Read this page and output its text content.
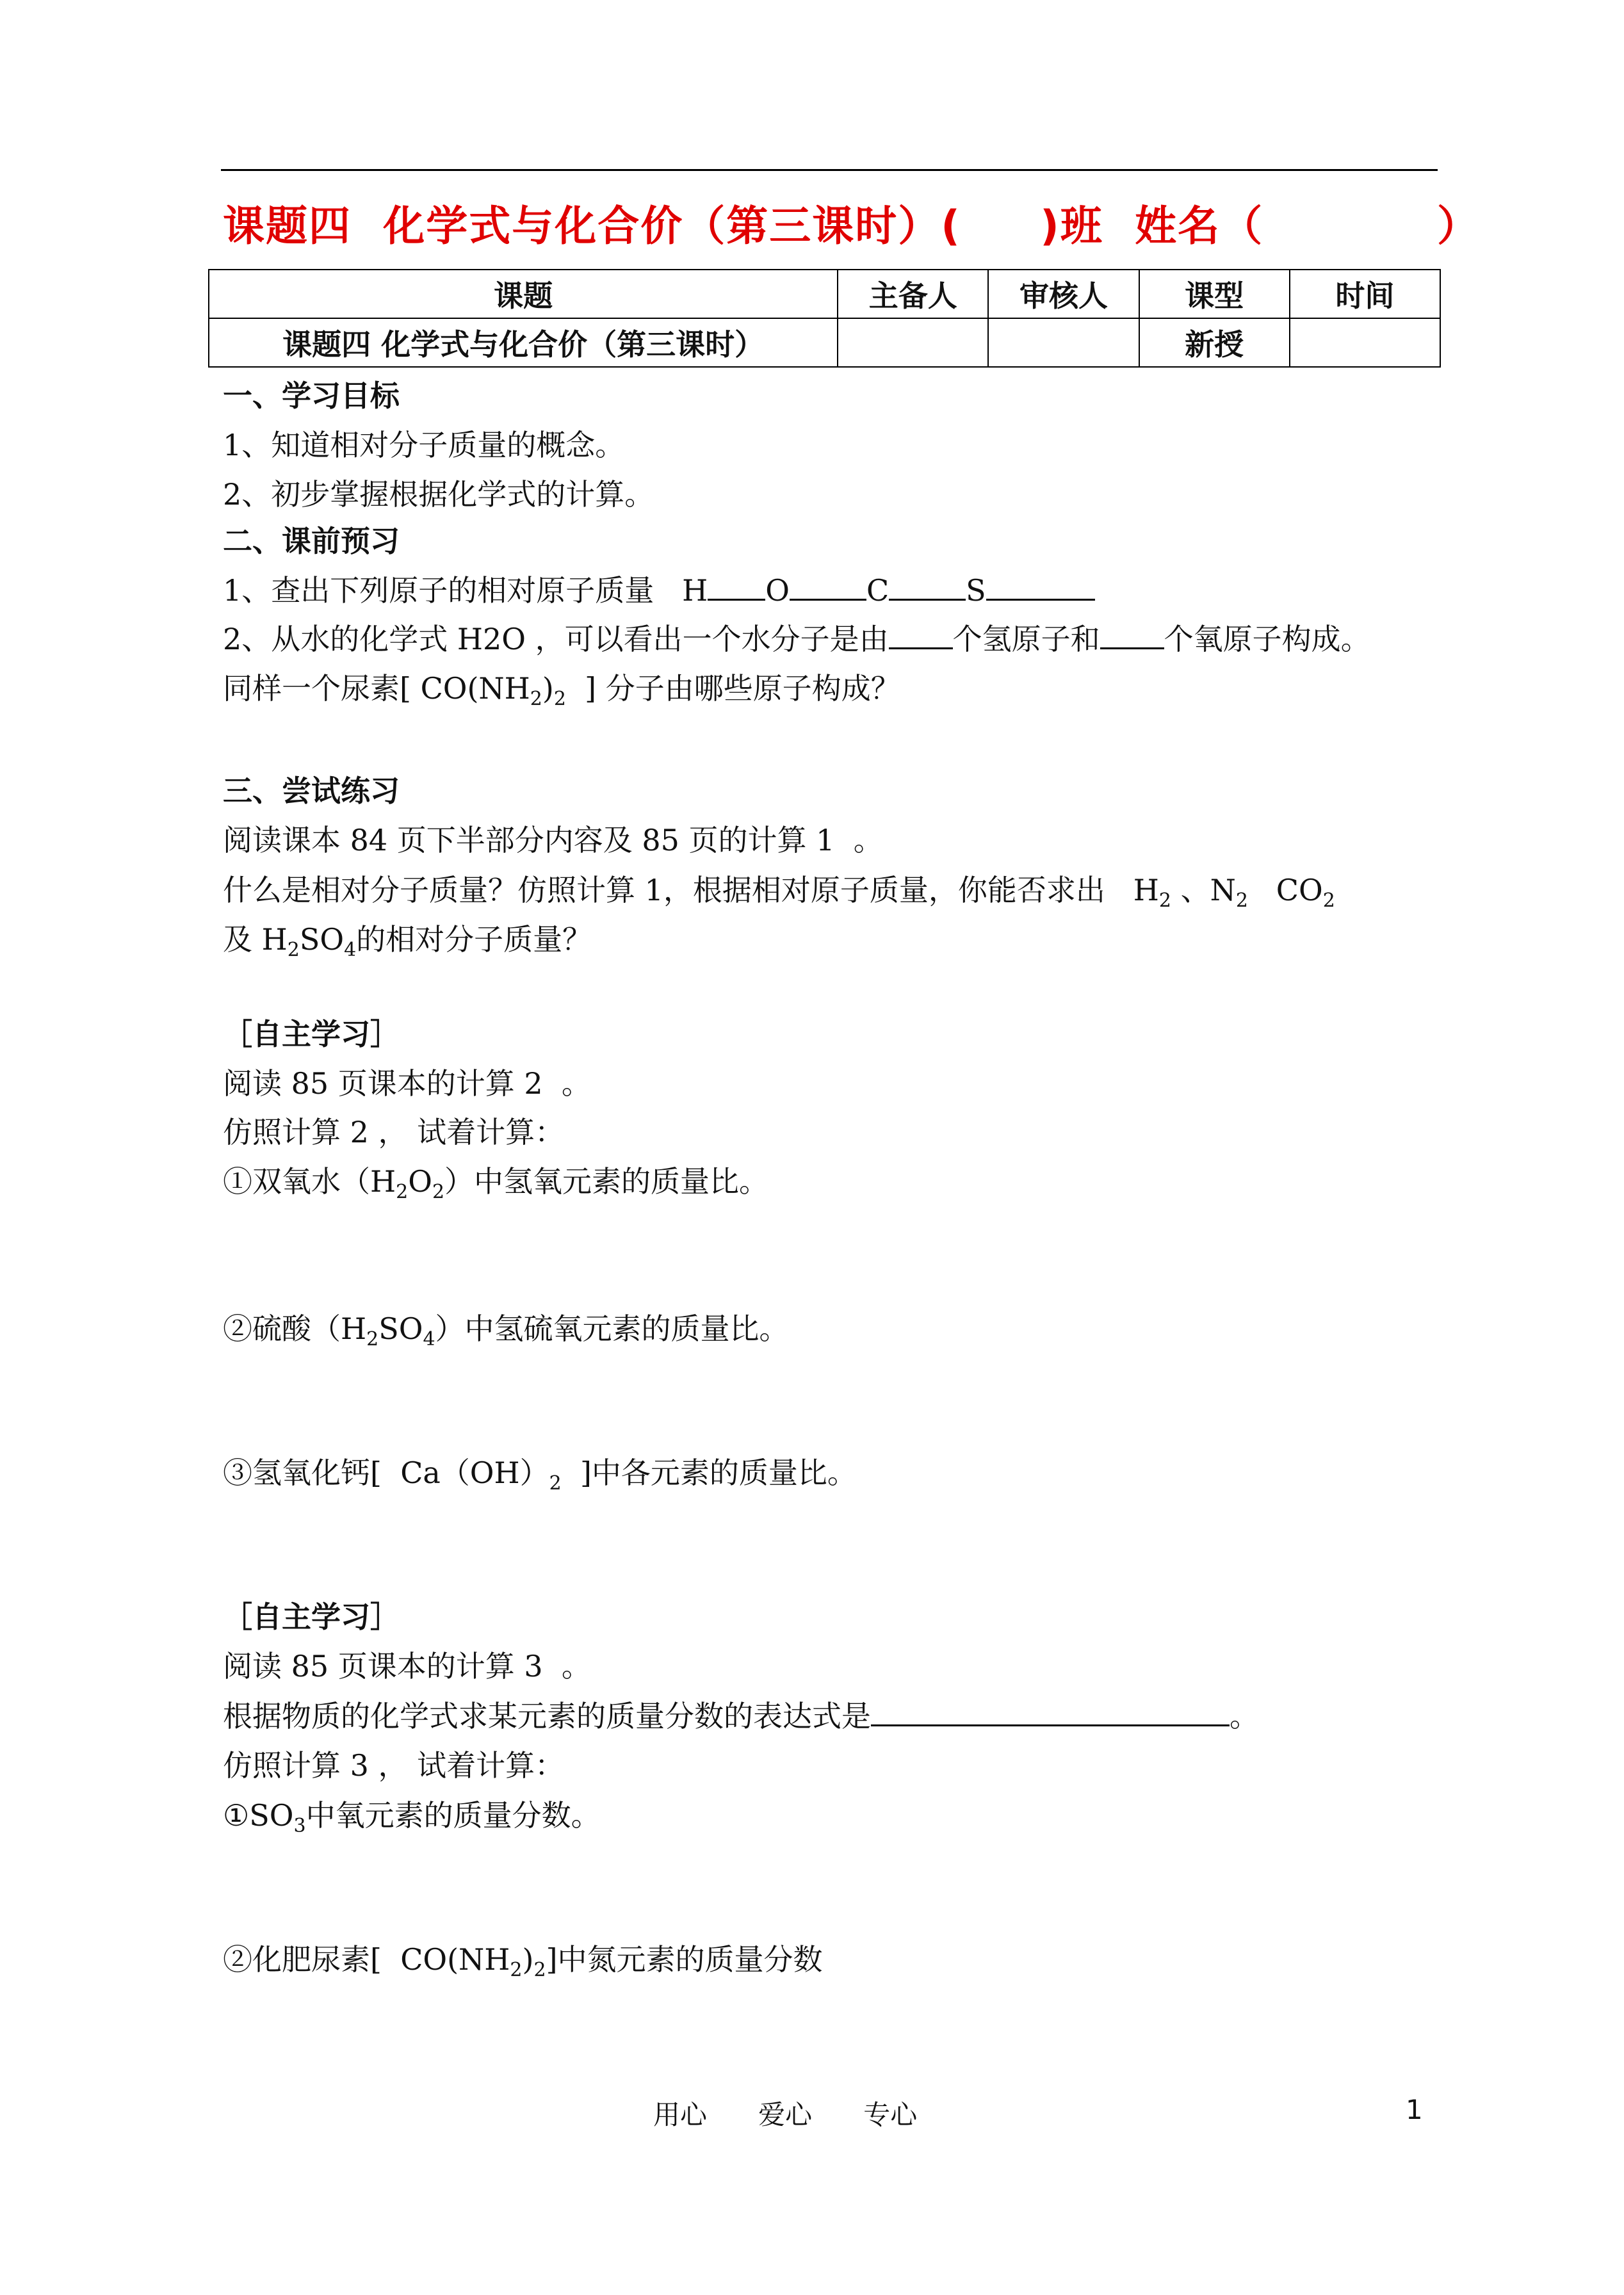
课题四  化学式与化合价（第三课时）(     )班  姓名（           ）
课题	主备人	审核人	课型	时间
课题四 化学式与化合价（第三课时）			新授	
一、学习目标
1、知道相对分子质量的概念。
2、初步掌握根据化学式的计算。
二、课前预习
1、查出下列原子的相对原子质量   H O	C	S
2、从水的化学式 H2O ，可以看出一个水分子是由 个氢原子和 个氧原子构成。
同样一个尿素[ $CO(NH_2)_2$  ] 分子由哪些原子构成？
三、尝试练习
阅读课本 84 页下半部分内容及 85 页的计算 1  。
什么是相对分子质量？仿照计算 1，根据相对原子质量，你能否求出   $H_2$ 、$N_2$   $CO_2$
及 $H_2SO_4$的相对分子质量？
［自主学习］
阅读 85 页课本的计算 2  。
仿照计算 2 ， 试着计算：
①双氧水$(H_2O_2)$中氢氧元素的质量比。
②硫酸$(H_2SO_4)$中氢硫氧元素的质量比。
③氢氧化钙[  $Ca(OH)_2$  ]中各元素的质量比。
［自主学习］
阅读 85 页课本的计算 3  。
根据物质的化学式求某元素的质量分数的表达式是	。
仿照计算 3 ， 试着计算：
$①SO_3$中氧元素的质量分数。
②化肥尿素[  $CO(NH_2)_2$]中氮元素的质量分数
用心      爱心      专心	1
